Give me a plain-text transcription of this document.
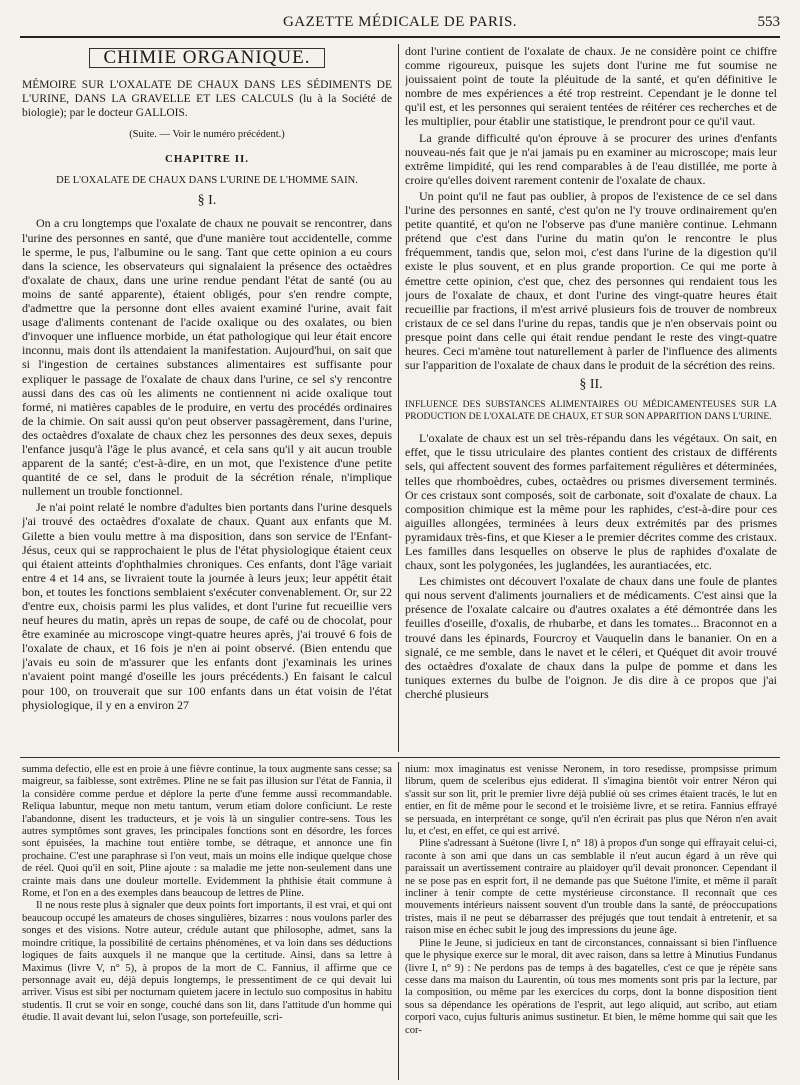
GAZETTE MÉDICALE DE PARIS.	553
CHIMIE ORGANIQUE.

MÉMOIRE SUR L'OXALATE DE CHAUX DANS LES SÉDIMENTS DE L'URINE, DANS LA GRAVELLE ET LES CALCULS (lu à la Société de biologie); par le docteur GALLOIS.

(Suite. — Voir le numéro précédent.)

CHAPITRE II.

DE L'OXALATE DE CHAUX DANS L'URINE DE L'HOMME SAIN.

§ I.

On a cru longtemps que l'oxalate de chaux ne pouvait se rencontrer, dans l'urine des personnes en santé, que d'une manière tout accidentelle, comme le sperme, le pus, l'albumine ou le sang. Tant que cette opinion a eu cours dans la science, les observateurs qui signalaient la présence des octaèdres d'oxalate de chaux, dans une urine rendue pendant l'état de santé (ou au moins de santé apparente), étaient obligés, pour s'en rendre compte, d'admettre que la personne dont elles avaient examiné l'urine, avait fait usage d'aliments contenant de l'acide oxalique ou des oxalates, ou bien d'invoquer une influence morbide, un état pathologique qui leur était encore inconnu, mais dont ils attendaient la manifestation. Aujourd'hui, on sait que si l'ingestion de certaines substances alimentaires est suffisante pour expliquer le passage de l'oxalate de chaux dans l'urine, ce sel s'y rencontre aussi dans des cas où les aliments ne contiennent ni acide oxalique tout formé, ni matières capables de le produire, en vertu des procédés ordinaires de la chimie. On sait aussi qu'on peut observer passagèrement, dans l'urine, des octaèdres d'oxalate de chaux chez les personnes des deux sexes, depuis l'enfance jusqu'à l'âge le plus avancé, et cela sans qu'il y ait aucun trouble apparent de la santé; c'est-à-dire, en un mot, que l'existence d'une petite quantité de ce sel, dans le produit de la sécrétion rénale, n'implique nullement un trouble fonctionnel.

Je n'ai point relaté le nombre d'adultes bien portants dans l'urine desquels j'ai trouvé des octaèdres d'oxalate de chaux. Quant aux enfants que M. Gilette a bien voulu mettre à ma disposition, dans son service de l'Enfant-Jésus, ceux qui se rapprochaient le plus de l'état physiologique étaient ceux qui étaient atteints d'ophthalmies chroniques. Ces enfants, dont l'âge variait entre 4 et 14 ans, se livraient toute la journée à leurs jeux; leur appétit était bon, et toutes les fonctions semblaient s'exécuter convenablement. Or, sur 22 d'entre eux, choisis parmi les plus valides, et dont l'urine fut recueillie vers neuf heures du matin, après un repas de soupe, de café ou de chocolat, pour être examinée au microscope vingt-quatre heures après, j'ai trouvé 6 fois de l'oxalate de chaux, et 16 fois je n'en ai point observé. (Bien entendu que j'avais eu soin de m'assurer que les enfants dont j'examinais les urines n'avaient point mangé d'oseille les jours précédents.) En faisant le calcul pour 100, on trouverait que sur 100 enfants dans un état voisin de l'état physiologique, il y en a environ 27

dont l'urine contient de l'oxalate de chaux. Je ne considère point ce chiffre comme rigoureux, puisque les sujets dont l'urine me fut soumise ne jouissaient point de toute la pléuitude de la santé, et qu'en définitive le nombre de mes expériences a été trop restreint. Cependant je le donne tel qu'il est, et les personnes qui seraient tentées de réitérer ces recherches et de les multiplier, pour établir une statistique, le prendront pour ce qu'il vaut.

La grande difficulté qu'on éprouve à se procurer des urines d'enfants nouveau-nés fait que je n'ai jamais pu en examiner au microscope; mais leur extrême limpidité, qui les rend comparables à de l'eau distillée, me porte à croire qu'elles doivent rarement contenir de l'oxalate de chaux.

Un point qu'il ne faut pas oublier, à propos de l'existence de ce sel dans l'urine des personnes en santé, c'est qu'on ne l'y trouve ordinairement qu'en petite quantité, et qu'on ne l'observe pas d'une manière continue. Lehmann prétend que c'est dans l'urine du matin qu'on le rencontre le plus fréquemment, tandis que, selon moi, c'est dans l'urine de la digestion qu'il existe le plus souvent, et en plus grande proportion. Ce qui me porte à émettre cette opinion, c'est que, chez des personnes qui rendaient tous les jours de l'oxalate de chaux, et dont l'urine des vingt-quatre heures était recueillie par fractions, il m'est arrivé plusieurs fois de trouver de nombreux cristaux de ce sel dans l'urine du repas, tandis que je n'en observais point ou presque point dans celle qui était rendue pendant le reste des vingt-quatre heures. Ceci m'amène tout naturellement à parler de l'influence des aliments sur l'apparition de l'oxalate de chaux dans le produit de la sécrétion des reins.

§ II.

INFLUENCE DES SUBSTANCES ALIMENTAIRES OU MÉDICAMENTEUSES SUR LA PRODUCTION DE L'OXALATE DE CHAUX, ET SUR SON APPARITION DANS L'URINE.

L'oxalate de chaux est un sel très-répandu dans les végétaux. On sait, en effet, que le tissu utriculaire des plantes contient des cristaux de différents sels, qui affectent souvent des formes parfaitement régulières et déterminées, telles que rhomboèdres, cubes, octaèdres ou prismes diversement terminés. Or ces cristaux sont composés, soit de carbonate, soit d'oxalate de chaux. La composition chimique est la même pour les raphides, c'est-à-dire pour ces aiguilles allongées, terminées à leurs deux extrémités par des prismes pyramidaux très-fins, et que Kieser a le premier décrites comme des cristaux. Les familles dans lesquelles on observe le plus de raphides d'oxalate de chaux, sont les polygonées, les juglandées, les aurantiacées, etc.

Les chimistes ont découvert l'oxalate de chaux dans une foule de plantes qui nous servent d'aliments journaliers et de médicaments. C'est ainsi que la présence de l'oxalate calcaire ou d'autres oxalates a été démontrée dans les feuilles d'oseille, d'oxalis, de rhubarbe, et dans les tomates... Braconnot en a trouvé dans les épinards, Fourcroy et Vauquelin dans le bananier. On en a signalé, ce me semble, dans le navet et le céleri, et Quéquet dit avoir trouvé des octaèdres d'oxalate de chaux dans la pulpe de pomme et dans les tuniques externes du bulbe de l'oignon. Je dis dire à ce propos que j'ai cherché plusieurs

summa defectio, elle est en proie à une fièvre continue, la toux augmente sans cesse; sa maigreur, sa faiblesse, sont extrêmes. Pline ne se fait pas illusion sur l'état de Fannia, il la considère comme perdue et déplore la perte d'une femme aussi recommandable. Reliqua labuntur, meque non metu tantum, verum etiam dolore conficiunt. Le reste l'abandonne, disent les traducteurs, et je vois là un singulier contre-sens. Tous les autres symptômes sont graves, les principales fonctions sont en désordre, les forces sont épuisées, la machine tout entière tombe, se détraque, et annonce une fin prochaine. C'est une paraphrase si l'on veut, mais un moins elle indique quelque chose de réel. Quoi qu'il en soit, Pline ajoute : sa maladie me jette non-seulement dans une crainte mais dans une douleur mortelle. Evidemment la phthisie était commune à Rome, et l'on en a des exemples dans beaucoup de lettres de Pline.

Il ne nous reste plus à signaler que deux points fort importants, il est vrai, et qui ont beaucoup occupé les amateurs de choses singulières, bizarres : nous voulons parler des songes et des visions. Notre auteur, crédule autant que philosophe, admet, sans la moindre critique, la possibilité de certains phénomènes, et va loin dans ses déductions logiques de faits auxquels il ne manque que la certitude. Ainsi, dans sa lettre à Maximus (livre V, n° 5), à propos de la mort de C. Fannius, il affirme que ce personnage avait eu, déjà depuis longtemps, le pressentiment de ce qui devait lui arriver. Visus est sibi per nocturnam quietem jacere in lectulo suo compositus in habitu studentis. Il crut se voir en songe, couché dans son lit, dans l'attitude d'un homme qui étudie. Il avait devant lui, selon l'usage, son portefeuille, scri-

nium: mox imaginatus est venisse Neronem, in toro resedisse, prompsisse primum librum, quem de sceleribus ejus ediderat. Il s'imagina bientôt voir entrer Néron qui s'assit sur son lit, prit le premier livre déjà publié où ses crimes étaient tracés, le lut en entier, en fit de même pour le second et le troisième livre, et se retira. Fannius effrayé se persuada, en interprétant ce songe, qu'il n'en écrirait pas plus que Néron n'en avait lu, et c'est, en effet, ce qui est arrivé.

Pline s'adressant à Suétone (livre I, n° 18) à propos d'un songe qui effrayait celui-ci, raconte à son ami que dans un cas semblable il n'eut aucun égard à un rêve qui paraissait un avertissement contraire au plaidoyer qu'il devait prononcer. Cependant il ne se pose pas en esprit fort, il ne demande pas que Suétone l'imite, et même il paraît incliner à tenir compte de cette mystérieuse circonstance. Il reconnaît que ces mouvements intérieurs naissent souvent d'un trouble dans la santé, de préoccupations tristes, mais il ne peut se débarrasser des préjugés que tout tendait à entretenir, et sa raison mise en échec subit le joug des impressions du jeune âge.

Pline le Jeune, si judicieux en tant de circonstances, connaissant si bien l'influence que le physique exerce sur le moral, dit avec raison, dans sa lettre à Minutius Fundanus (livre I, n° 9) : Ne perdons pas de temps à des bagatelles, c'est ce que je répète sans cesse dans ma maison du Laurentin, où tous mes moments sont pris par la lecture, par la composition, ou même par les exercices du corps, dont la bonne disposition tient sous sa dépendance les opérations de l'esprit, aut lego aliquid, aut scribo, aut etiam corpori vaco, cujus fulturis animus sustinetur. Et bien, le même homme qui sait que les cor-
